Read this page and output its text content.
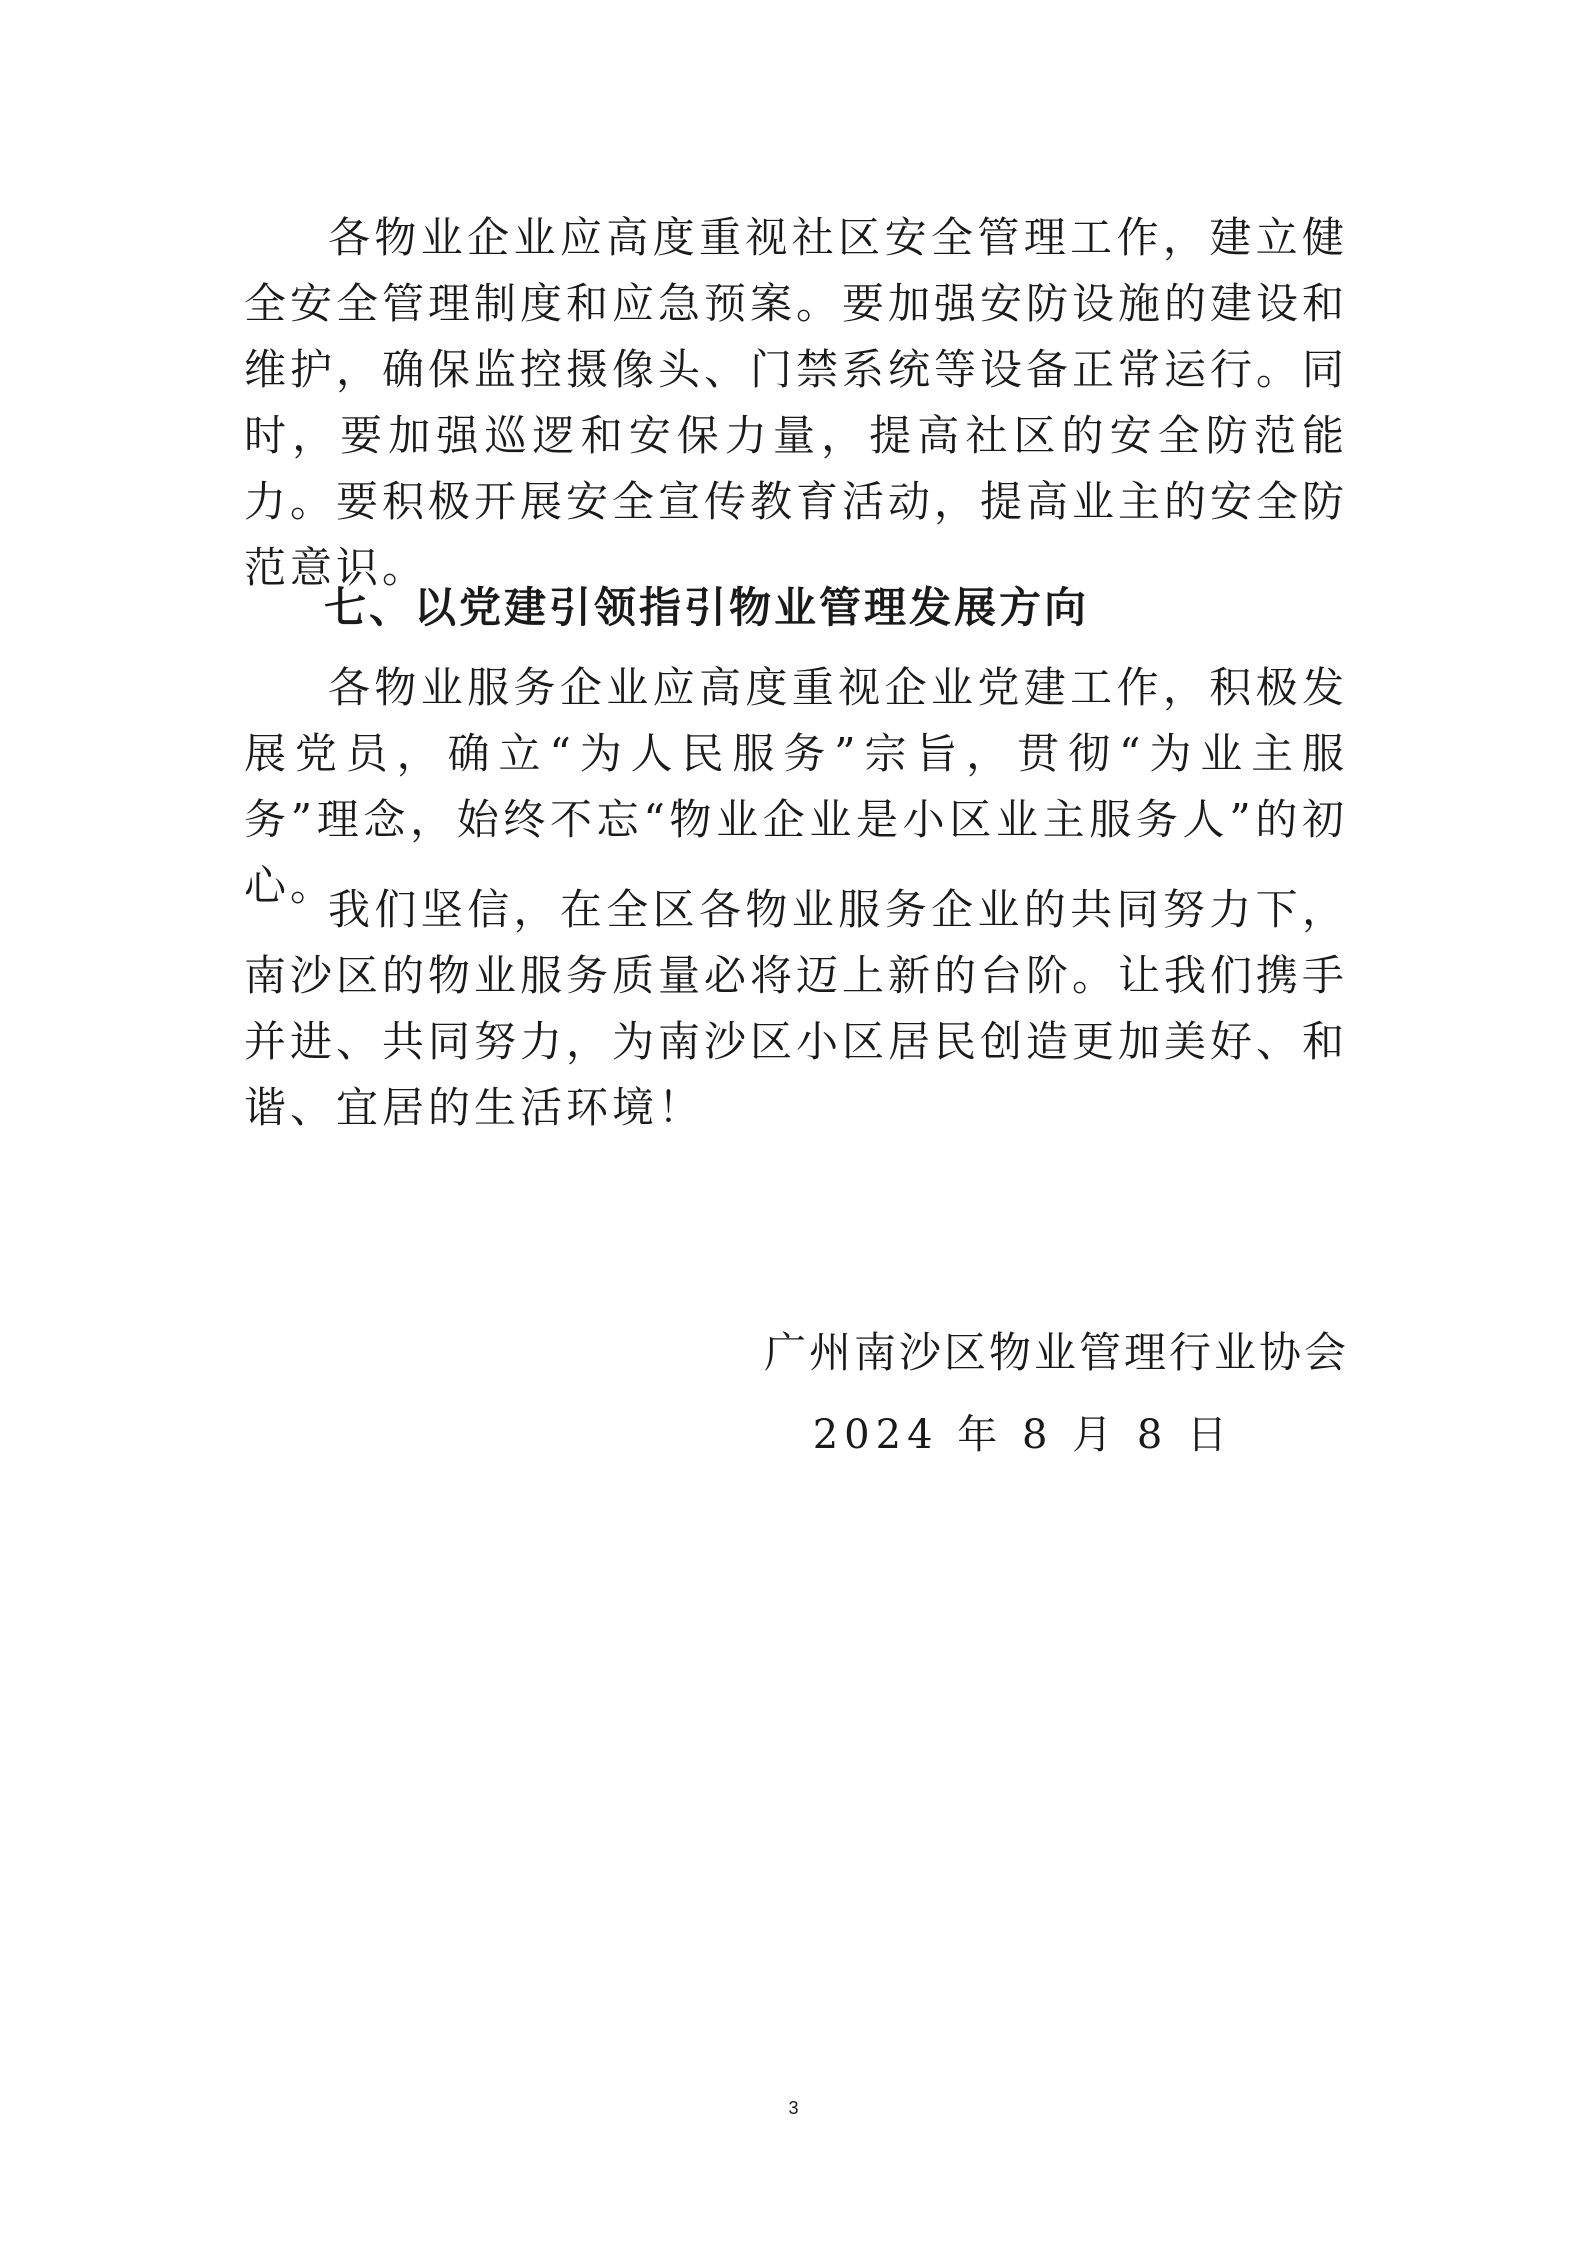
各物业企业应高度重视社区安全管理工作，建立健全安全管理制度和应急预案。要加强安防设施的建设和维护，确保监控摄像头、门禁系统等设备正常运行。同时，要加强巡逻和安保力量，提高社区的安全防范能力。要积极开展安全宣传教育活动，提高业主的安全防范意识。

七、以党建引领指引物业管理发展方向

各物业服务企业应高度重视企业党建工作，积极发展党员，确立“为人民服务”宗旨，贯彻“为业主服务”理念，始终不忘“物业企业是小区业主服务人”的初心。

我们坚信，在全区各物业服务企业的共同努力下，南沙区的物业服务质量必将迈上新的台阶。让我们携手并进、共同努力，为南沙区小区居民创造更加美好、和谐、宜居的生活环境！

广州南沙区物业管理行业协会
2024 年 8 月 8 日
3
